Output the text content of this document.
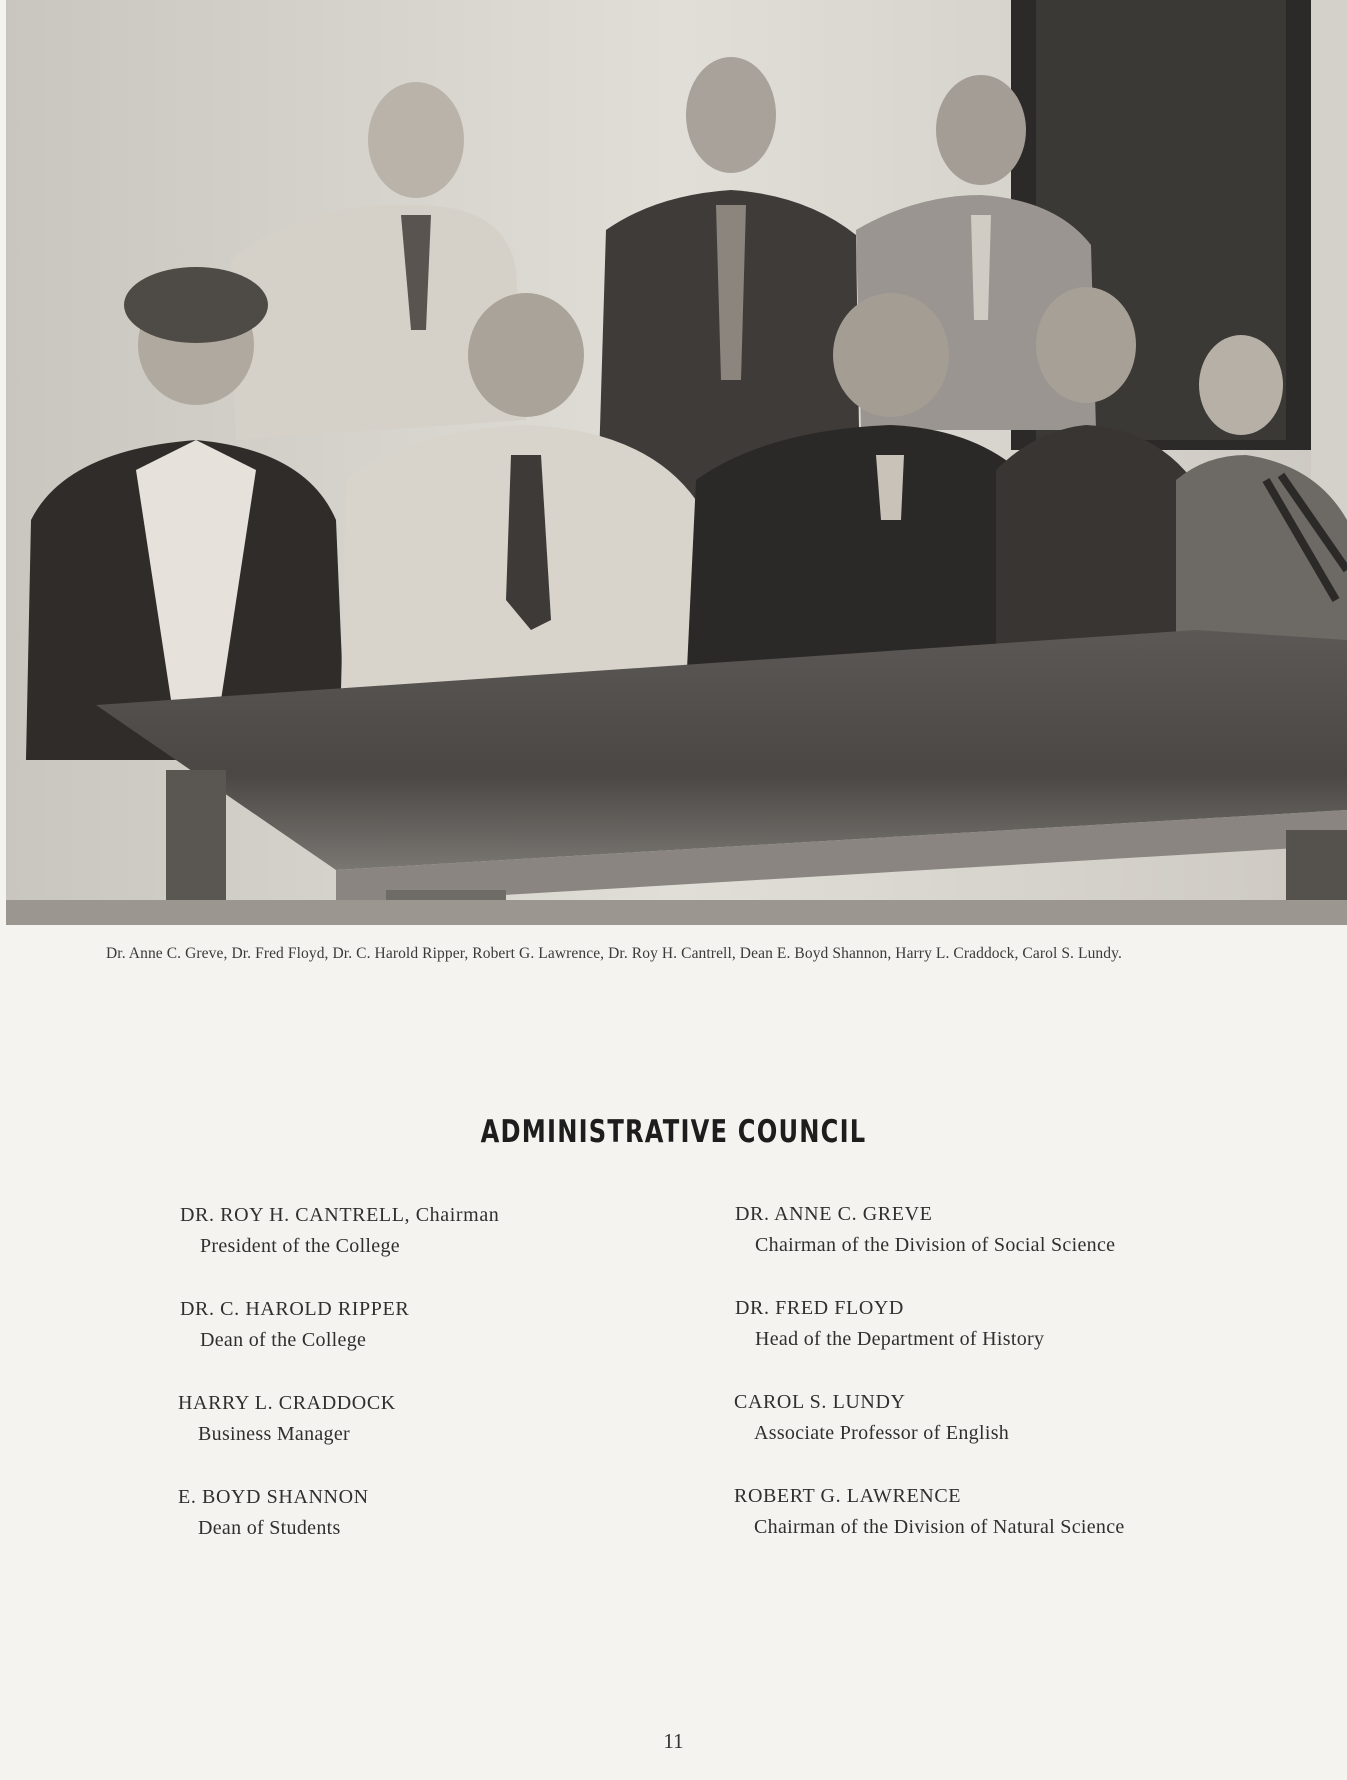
Dr. Anne C. Greve, Dr. Fred Floyd, Dr. C. Harold Ripper, Robert G. Lawrence, Dr. Roy H. Cantrell, Dean E. Boyd Shannon, Harry L. Craddock, Carol S. Lundy.
ADMINISTRATIVE COUNCIL
DR. ROY H. CANTRELL, Chairman
President of the College
DR. C. HAROLD RIPPER
Dean of the College
HARRY L. CRADDOCK
Business Manager
E. BOYD SHANNON
Dean of Students
DR. ANNE C. GREVE
Chairman of the Division of Social Science
DR. FRED FLOYD
Head of the Department of History
CAROL S. LUNDY
Associate Professor of English
ROBERT G. LAWRENCE
Chairman of the Division of Natural Science
11
